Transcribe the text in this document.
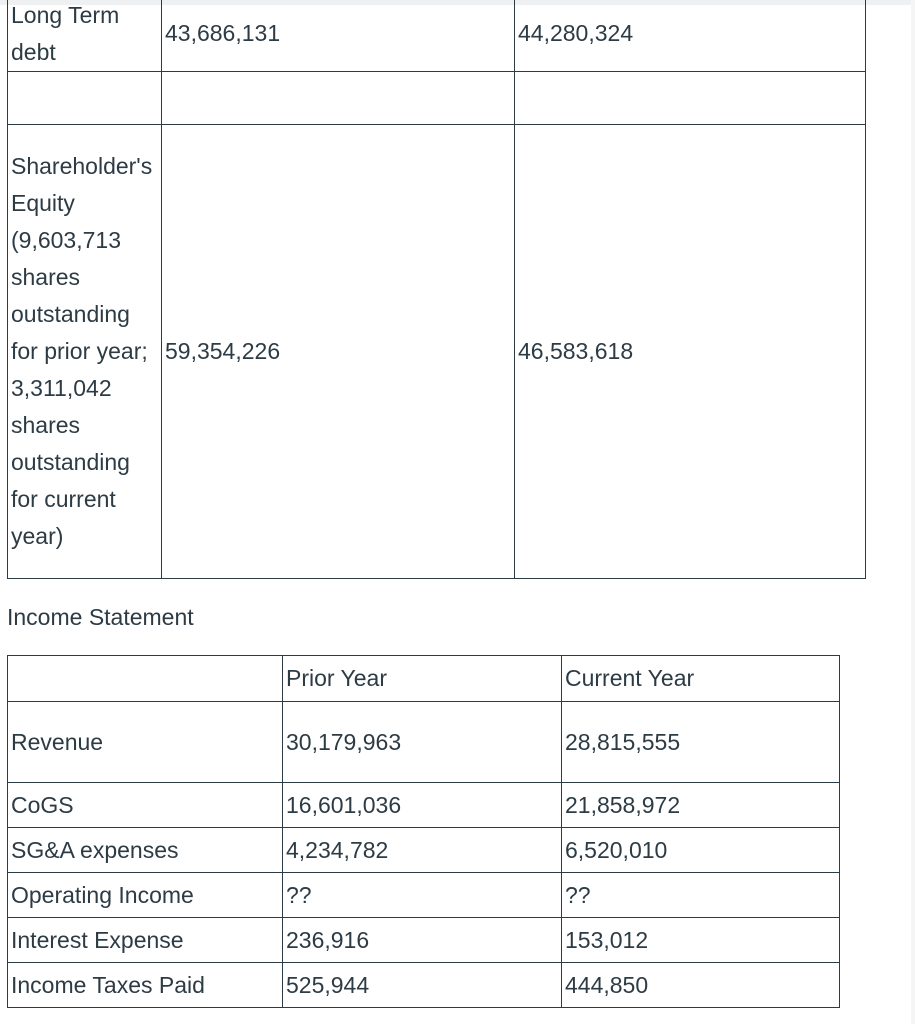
Long Term debt	43,686,131	44,280,324

Shareholder's Equity (9,603,713 shares outstanding for prior year; 3,311,042 shares outstanding for current year)	59,354,226	46,583,618

Income Statement

	Prior Year	Current Year
Revenue	30,179,963	28,815,555
CoGS	16,601,036	21,858,972
SG&A expenses	4,234,782	6,520,010
Operating Income	??	??
Interest Expense	236,916	153,012
Income Taxes Paid	525,944	444,850
